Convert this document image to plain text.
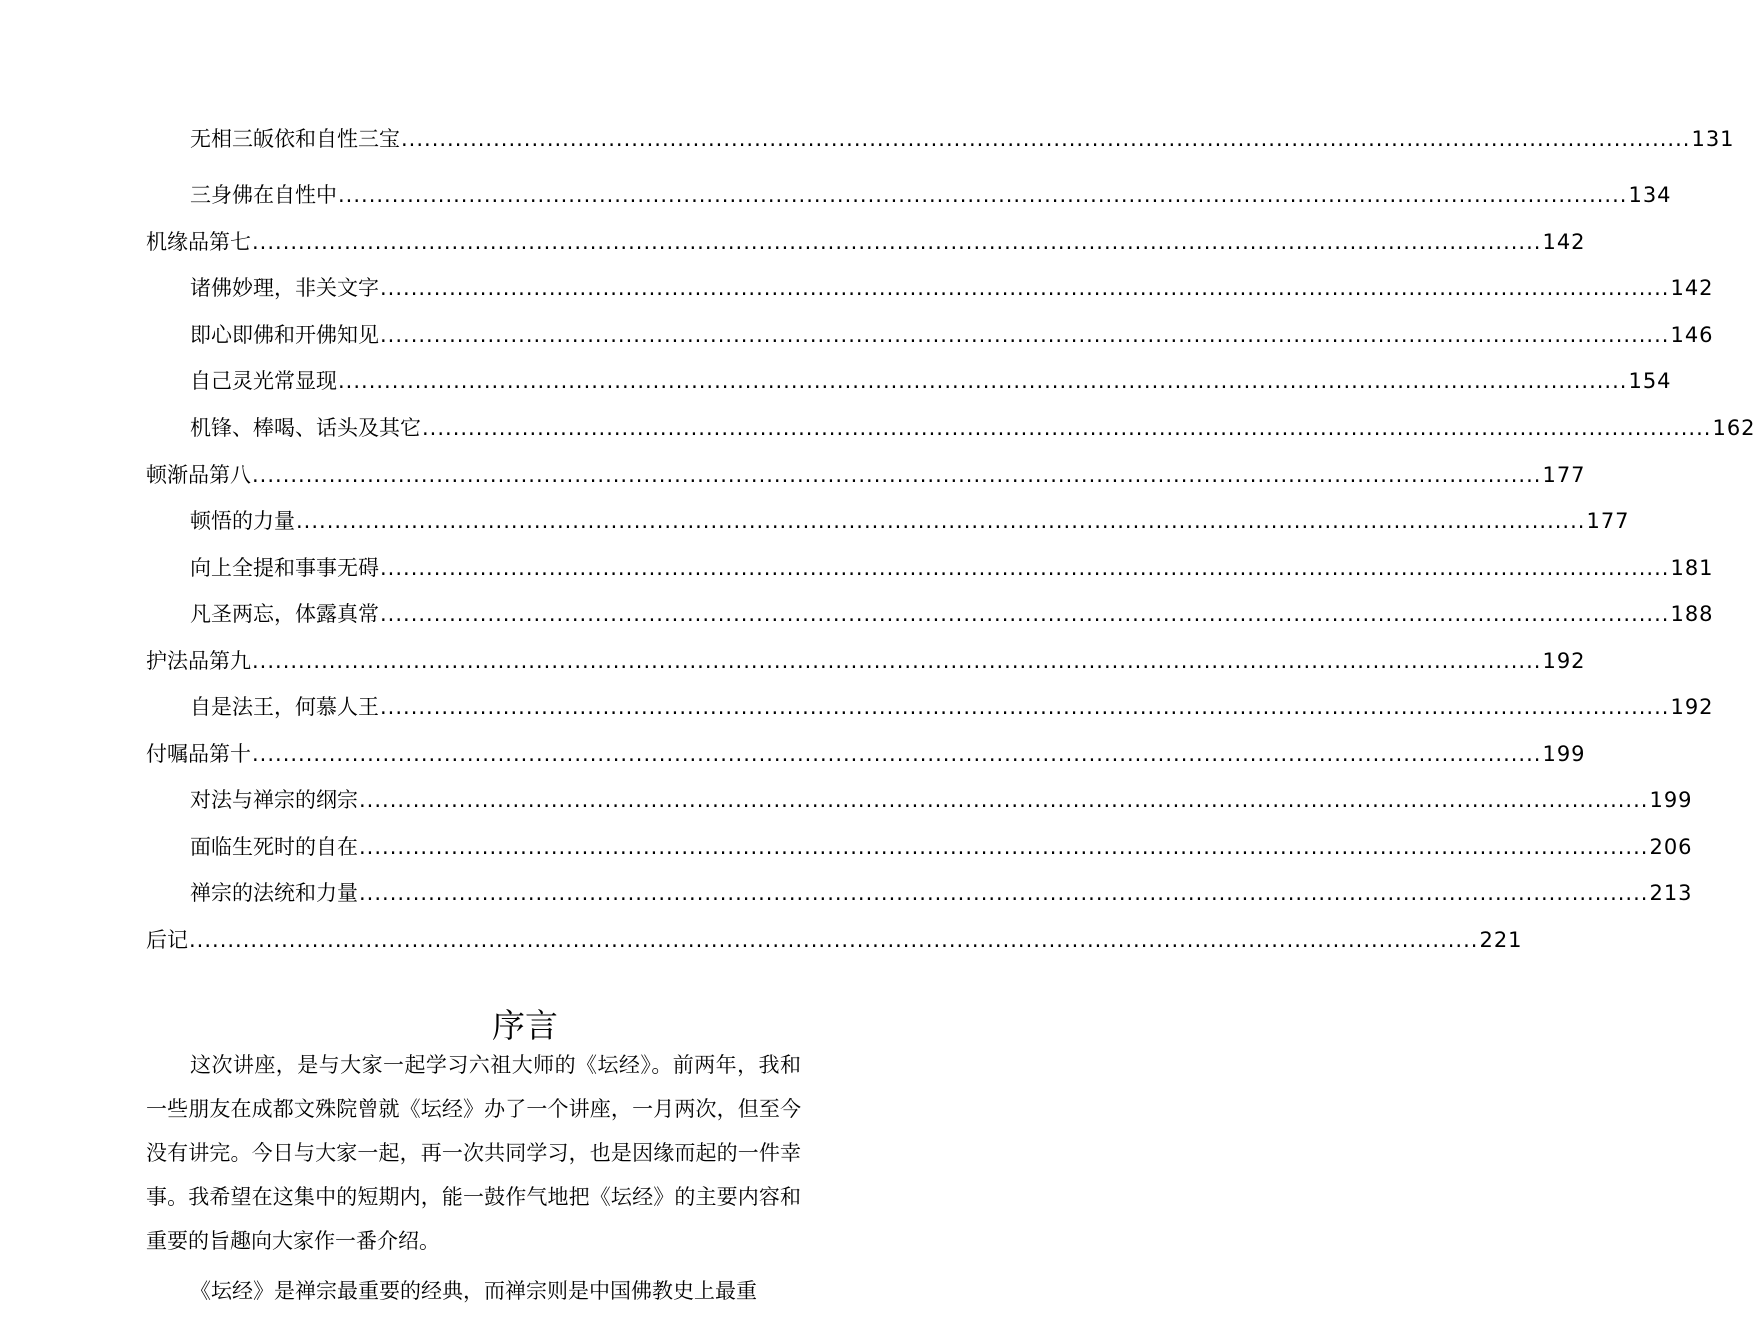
无相三皈依和自性三宝 ........................................................................................................................................................................ 131
三身佛在自性中 ........................................................................................................................................................................ 134
机缘品第七 ........................................................................................................................................................................ 142
诸佛妙理，非关文字 ........................................................................................................................................................................ 142
即心即佛和开佛知见 ........................................................................................................................................................................ 146
自己灵光常显现 ........................................................................................................................................................................ 154
机锋、棒喝、话头及其它 ........................................................................................................................................................................ 162
顿渐品第八 ........................................................................................................................................................................ 177
顿悟的力量 ........................................................................................................................................................................ 177
向上全提和事事无碍 ........................................................................................................................................................................ 181
凡圣两忘，体露真常 ........................................................................................................................................................................ 188
护法品第九 ........................................................................................................................................................................ 192
自是法王，何慕人王 ........................................................................................................................................................................ 192
付嘱品第十 ........................................................................................................................................................................ 199
对法与禅宗的纲宗 ........................................................................................................................................................................ 199
面临生死时的自在 ........................................................................................................................................................................ 206
禅宗的法统和力量 ........................................................................................................................................................................ 213
后记 ........................................................................................................................................................................ 221
序言

这次讲座，是与大家一起学习六祖大师的《坛经》。前两年，我和一些朋友在成都文殊院曾就《坛经》办了一个讲座，一月两次，但至今没有讲完。今日与大家一起，再一次共同学习，也是因缘而起的一件幸事。我希望在这集中的短期内，能一鼓作气地把《坛经》的主要内容和重要的旨趣向大家作一番介绍。

《坛经》是禅宗最重要的经典，而禅宗则是中国佛教史上最重
